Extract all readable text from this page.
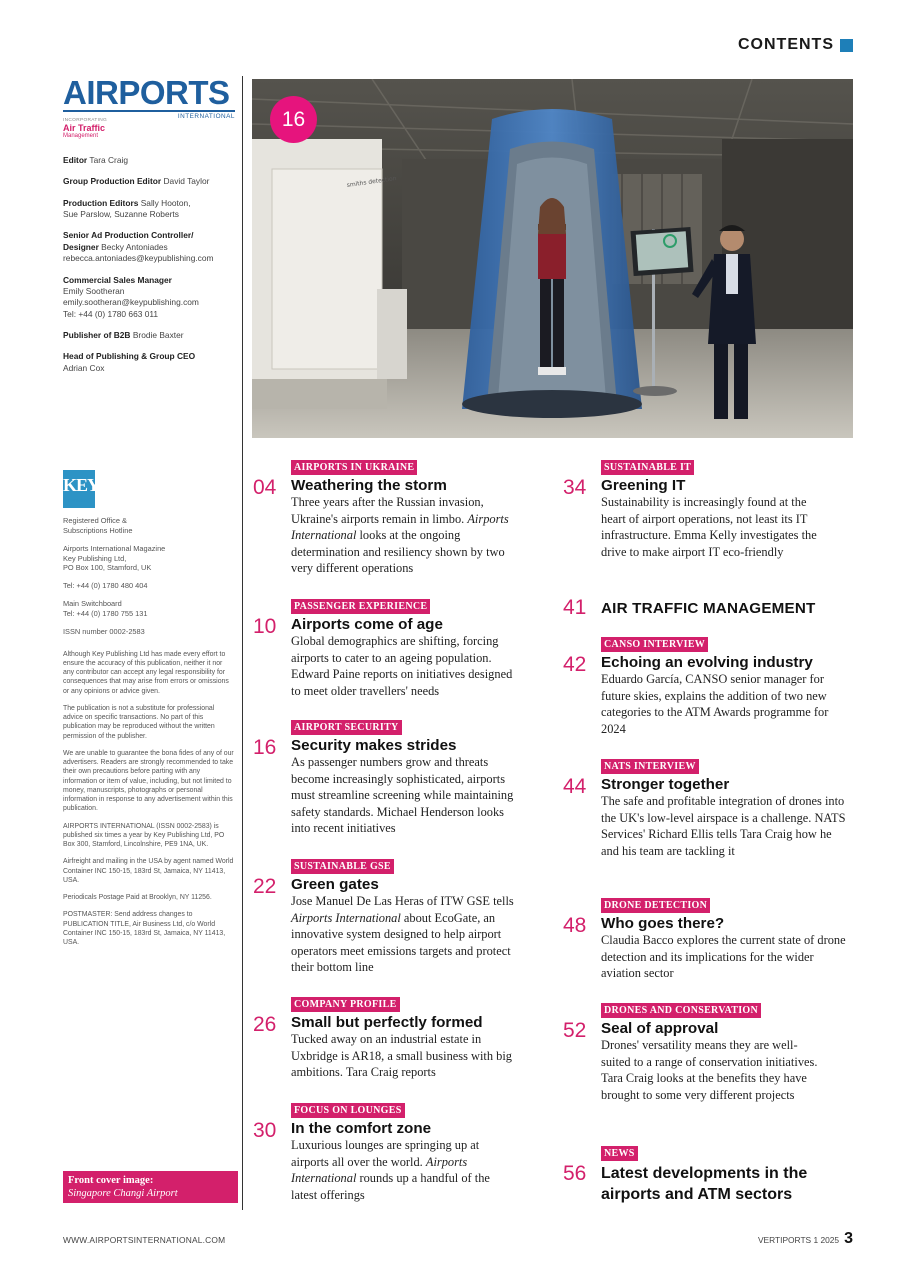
CONTENTS
AIRPORTS
INTERNATIONAL
INCORPORATING
Air Traffic
Management
Editor Tara Craig
Group Production Editor David Taylor
Production Editors Sally Hooton,
Sue Parslow, Suzanne Roberts
Senior Ad Production Controller/
Designer Becky Antoniades
rebecca.antoniades@keypublishing.com
Commercial Sales Manager
Emily Sootheran
emily.sootheran@keypublishing.com
Tel: +44 (0) 1780 663 011
Publisher of B2B Brodie Baxter
Head of Publishing & Group CEO
Adrian Cox
KEY
Publishing
Registered Office &
Subscriptions Hotline
Airports International Magazine
Key Publishing Ltd,
PO Box 100, Stamford, UK
Tel: +44 (0) 1780 480 404
Main Switchboard
Tel: +44 (0) 1780 755 131
ISSN number 0002-2583
Although Key Publishing Ltd has made every effort to ensure the accuracy of this publication, neither it nor any contributor can accept any legal responsibility for consequences that may arise from errors or omissions or any opinions or advice given.
The publication is not a substitute for professional advice on specific transactions. No part of this publication may be reproduced without the written permission of the publisher.
We are unable to guarantee the bona fides of any of our advertisers. Readers are strongly recommended to take their own precautions before parting with any information or item of value, including, but not limited to money, manuscripts, photographs or personal information in response to any advertisement within this publication.
AIRPORTS INTERNATIONAL (ISSN 0002-2583) is published six times a year by Key Publishing Ltd, PO Box 300, Stamford, Lincolnshire, PE9 1NA, UK.
Airfreight and mailing in the USA by agent named World Container INC 150-15, 183rd St, Jamaica, NY 11413, USA.
Periodicals Postage Paid at Brooklyn, NY 11256.
POSTMASTER: Send address changes to PUBLICATION TITLE, Air Business Ltd, c/o World Container INC 150-15, 183rd St, Jamaica, NY 11413, USA.
Front cover image:
Singapore Changi Airport
smiths detection
16
AIRPORTS IN UKRAINE
04 Weathering the storm
Three years after the Russian invasion, Ukraine's airports remain in limbo. Airports International looks at the ongoing determination and resiliency shown by two very different operations
PASSENGER EXPERIENCE
10 Airports come of age
Global demographics are shifting, forcing airports to cater to an ageing population. Edward Paine reports on initiatives designed to meet older travellers' needs
AIRPORT SECURITY
16 Security makes strides
As passenger numbers grow and threats become increasingly sophisticated, airports must streamline screening while maintaining safety standards. Michael Henderson looks into recent initiatives
SUSTAINABLE GSE
22 Green gates
Jose Manuel De Las Heras of ITW GSE tells Airports International about EcoGate, an innovative system designed to help airport operators meet emissions targets and protect their bottom line
COMPANY PROFILE
26 Small but perfectly formed
Tucked away on an industrial estate in Uxbridge is AR18, a small business with big ambitions. Tara Craig reports
FOCUS ON LOUNGES
30 In the comfort zone
Luxurious lounges are springing up at airports all over the world. Airports International rounds up a handful of the latest offerings
SUSTAINABLE IT
34 Greening IT
Sustainability is increasingly found at the heart of airport operations, not least its IT infrastructure. Emma Kelly investigates the drive to make airport IT eco-friendly
41 AIR TRAFFIC MANAGEMENT
CANSO INTERVIEW
42 Echoing an evolving industry
Eduardo García, CANSO senior manager for future skies, explains the addition of two new categories to the ATM Awards programme for 2024
NATS INTERVIEW
44 Stronger together
The safe and profitable integration of drones into the UK's low-level airspace is a challenge. NATS Services' Richard Ellis tells Tara Craig how he and his team are tackling it
DRONE DETECTION
48 Who goes there?
Claudia Bacco explores the current state of drone detection and its implications for the wider aviation sector
DRONES AND CONSERVATION
52 Seal of approval
Drones' versatility means they are well-suited to a range of conservation initiatives. Tara Craig looks at the benefits they have brought to some very different projects
NEWS
56 Latest developments in the airports and ATM sectors
WWW.AIRPORTSINTERNATIONAL.COM	VERTIPORTS 1 2025 3
